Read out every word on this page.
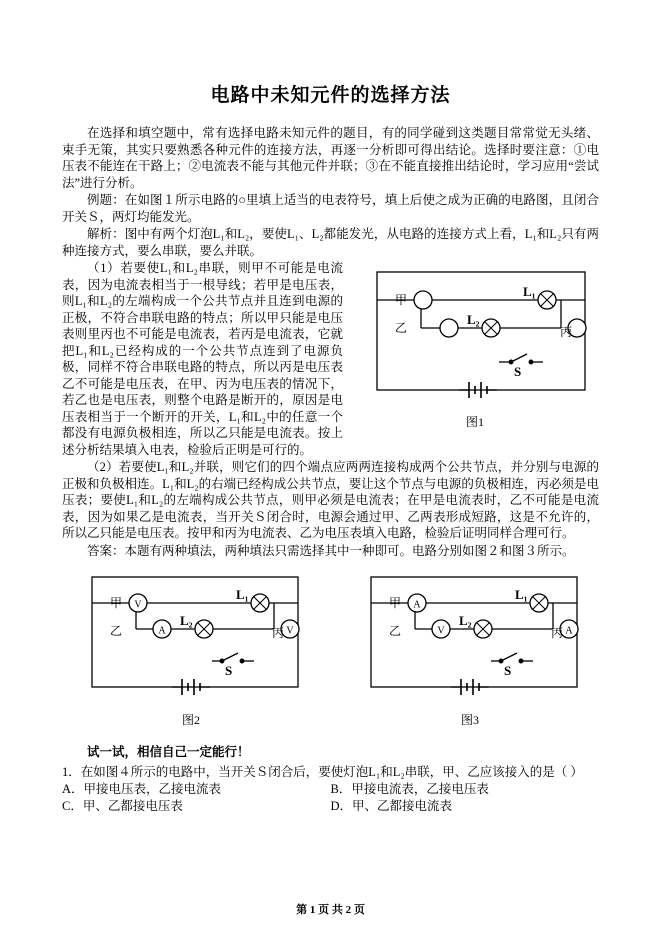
电路中未知元件的选择方法

在选择和填空题中，常有选择电路未知元件的题目，有的同学碰到这类题目常常觉无头绪、束手无策，其实只要熟悉各种元件的连接方法，再逐一分析即可得出结论。选择时要注意：①电压表不能连在干路上；②电流表不能与其他元件并联；③在不能直接推出结论时，学习应用“尝试法”进行分析。

例题：在如图１所示电路的○里填上适当的电表符号，填上后使之成为正确的电路图，且闭合开关Ｓ，两灯均能发光。

解析：图中有两个灯泡L₁和L₂，要使L₁、L₂都能发光，从电路的连接方式上看，L₁和L₂只有两种连接方式，要么串联，要么并联。

甲
乙	丙
L₁
L₂
S
图1

（1）若要使L₁和L₂串联，则甲不可能是电流表，因为电流表相当于一根导线；若甲是电压表，则L₁和L₂的左端构成一个公共节点并且连到电源的正极，不符合串联电路的特点；所以甲只能是电压表则里丙也不可能是电流表，若丙是电流表，它就把L₁和L₂已经构成的一个公共节点连到了电源负极，同样不符合串联电路的特点，所以丙是电压表乙不可能是电压表，在甲、丙为电压表的情况下，若乙也是电压表，则整个电路是断开的，原因是电压表相当于一个断开的开关，L₁和L₂中的任意一个都没有电源负极相连，所以乙只能是电流表。按上述分析结果填入电表，检验后正明是可行的。

（2）若要使L₁和L₂并联，则它们的四个端点应两两连接构成两个公共节点，并分别与电源的正极和负极相连。L₁和L₂的右端已经构成公共节点，要让这个节点与电源的负极相连，丙必须是电压表；要使L₁和L₂的左端构成公共节点，则甲必须是电流表；在甲是电流表时，乙不可能是电流表，因为如果乙是电流表，当开关Ｓ闭合时，电源会通过甲、乙两表形成短路，这是不允许的，所以乙只能是电压表。按甲和丙为电流表、乙为电压表填入电路，检验后证明同样合理可行。

答案：本题有两种填法，两种填法只需选择其中一种即可。电路分别如图２和图３所示。

V
A	V
甲
乙	丙
L₁
L₂
S
图2
A
V	A
甲
乙	丙
L₁
L₂
S
图3
试一试，相信自己一定能行！

1．在如图４所示的电路中，当开关Ｓ闭合后，要使灯泡L₁和L₂串联，甲、乙应该接入的是（ ）

A．甲接电压表，乙接电流表	B．甲接电流表，乙接电压表
C．甲、乙都接电压表	D．甲、乙都接电流表
第 1 页 共 2 页
